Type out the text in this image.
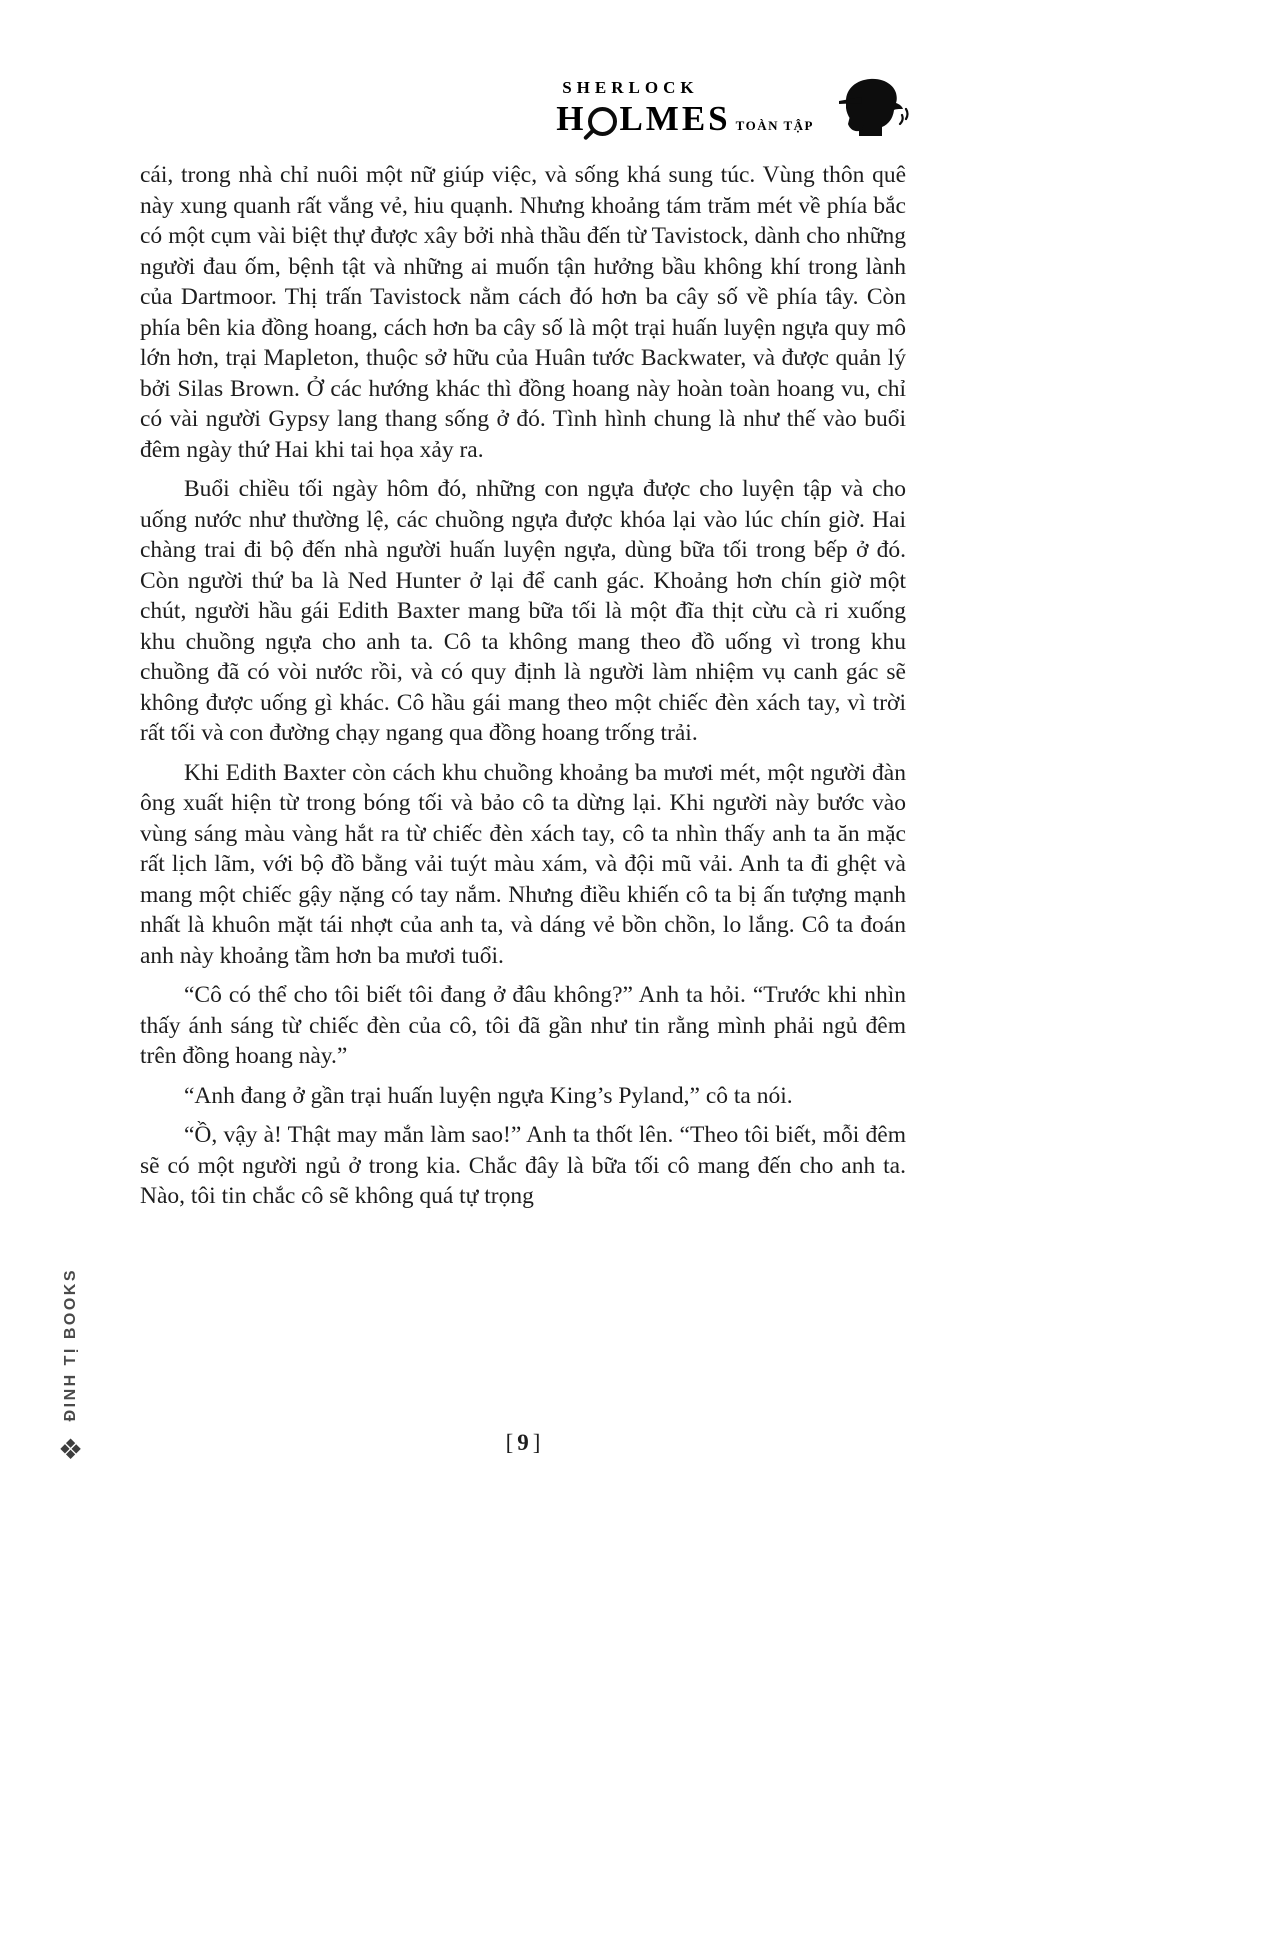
SHERLOCK
H LMES TOÀN TẬP

cái, trong nhà chỉ nuôi một nữ giúp việc, và sống khá sung túc. Vùng thôn quê này xung quanh rất vắng vẻ, hiu quạnh. Nhưng khoảng tám trăm mét về phía bắc có một cụm vài biệt thự được xây bởi nhà thầu đến từ Tavistock, dành cho những người đau ốm, bệnh tật và những ai muốn tận hưởng bầu không khí trong lành của Dartmoor. Thị trấn Tavistock nằm cách đó hơn ba cây số về phía tây. Còn phía bên kia đồng hoang, cách hơn ba cây số là một trại huấn luyện ngựa quy mô lớn hơn, trại Mapleton, thuộc sở hữu của Huân tước Backwater, và được quản lý bởi Silas Brown. Ở các hướng khác thì đồng hoang này hoàn toàn hoang vu, chỉ có vài người Gypsy lang thang sống ở đó. Tình hình chung là như thế vào buổi đêm ngày thứ Hai khi tai họa xảy ra.

Buổi chiều tối ngày hôm đó, những con ngựa được cho luyện tập và cho uống nước như thường lệ, các chuồng ngựa được khóa lại vào lúc chín giờ. Hai chàng trai đi bộ đến nhà người huấn luyện ngựa, dùng bữa tối trong bếp ở đó. Còn người thứ ba là Ned Hunter ở lại để canh gác. Khoảng hơn chín giờ một chút, người hầu gái Edith Baxter mang bữa tối là một đĩa thịt cừu cà ri xuống khu chuồng ngựa cho anh ta. Cô ta không mang theo đồ uống vì trong khu chuồng đã có vòi nước rồi, và có quy định là người làm nhiệm vụ canh gác sẽ không được uống gì khác. Cô hầu gái mang theo một chiếc đèn xách tay, vì trời rất tối và con đường chạy ngang qua đồng hoang trống trải.

Khi Edith Baxter còn cách khu chuồng khoảng ba mươi mét, một người đàn ông xuất hiện từ trong bóng tối và bảo cô ta dừng lại. Khi người này bước vào vùng sáng màu vàng hắt ra từ chiếc đèn xách tay, cô ta nhìn thấy anh ta ăn mặc rất lịch lãm, với bộ đồ bằng vải tuýt màu xám, và đội mũ vải. Anh ta đi ghệt và mang một chiếc gậy nặng có tay nắm. Nhưng điều khiến cô ta bị ấn tượng mạnh nhất là khuôn mặt tái nhợt của anh ta, và dáng vẻ bồn chồn, lo lắng. Cô ta đoán anh này khoảng tầm hơn ba mươi tuổi.

“Cô có thể cho tôi biết tôi đang ở đâu không?” Anh ta hỏi. “Trước khi nhìn thấy ánh sáng từ chiếc đèn của cô, tôi đã gần như tin rằng mình phải ngủ đêm trên đồng hoang này.”

“Anh đang ở gần trại huấn luyện ngựa King’s Pyland,” cô ta nói.

“Ồ, vậy à! Thật may mắn làm sao!” Anh ta thốt lên. “Theo tôi biết, mỗi đêm sẽ có một người ngủ ở trong kia. Chắc đây là bữa tối cô mang đến cho anh ta. Nào, tôi tin chắc cô sẽ không quá tự trọng

ĐINH TỊ BOOKS
❖	[ 9 ]
